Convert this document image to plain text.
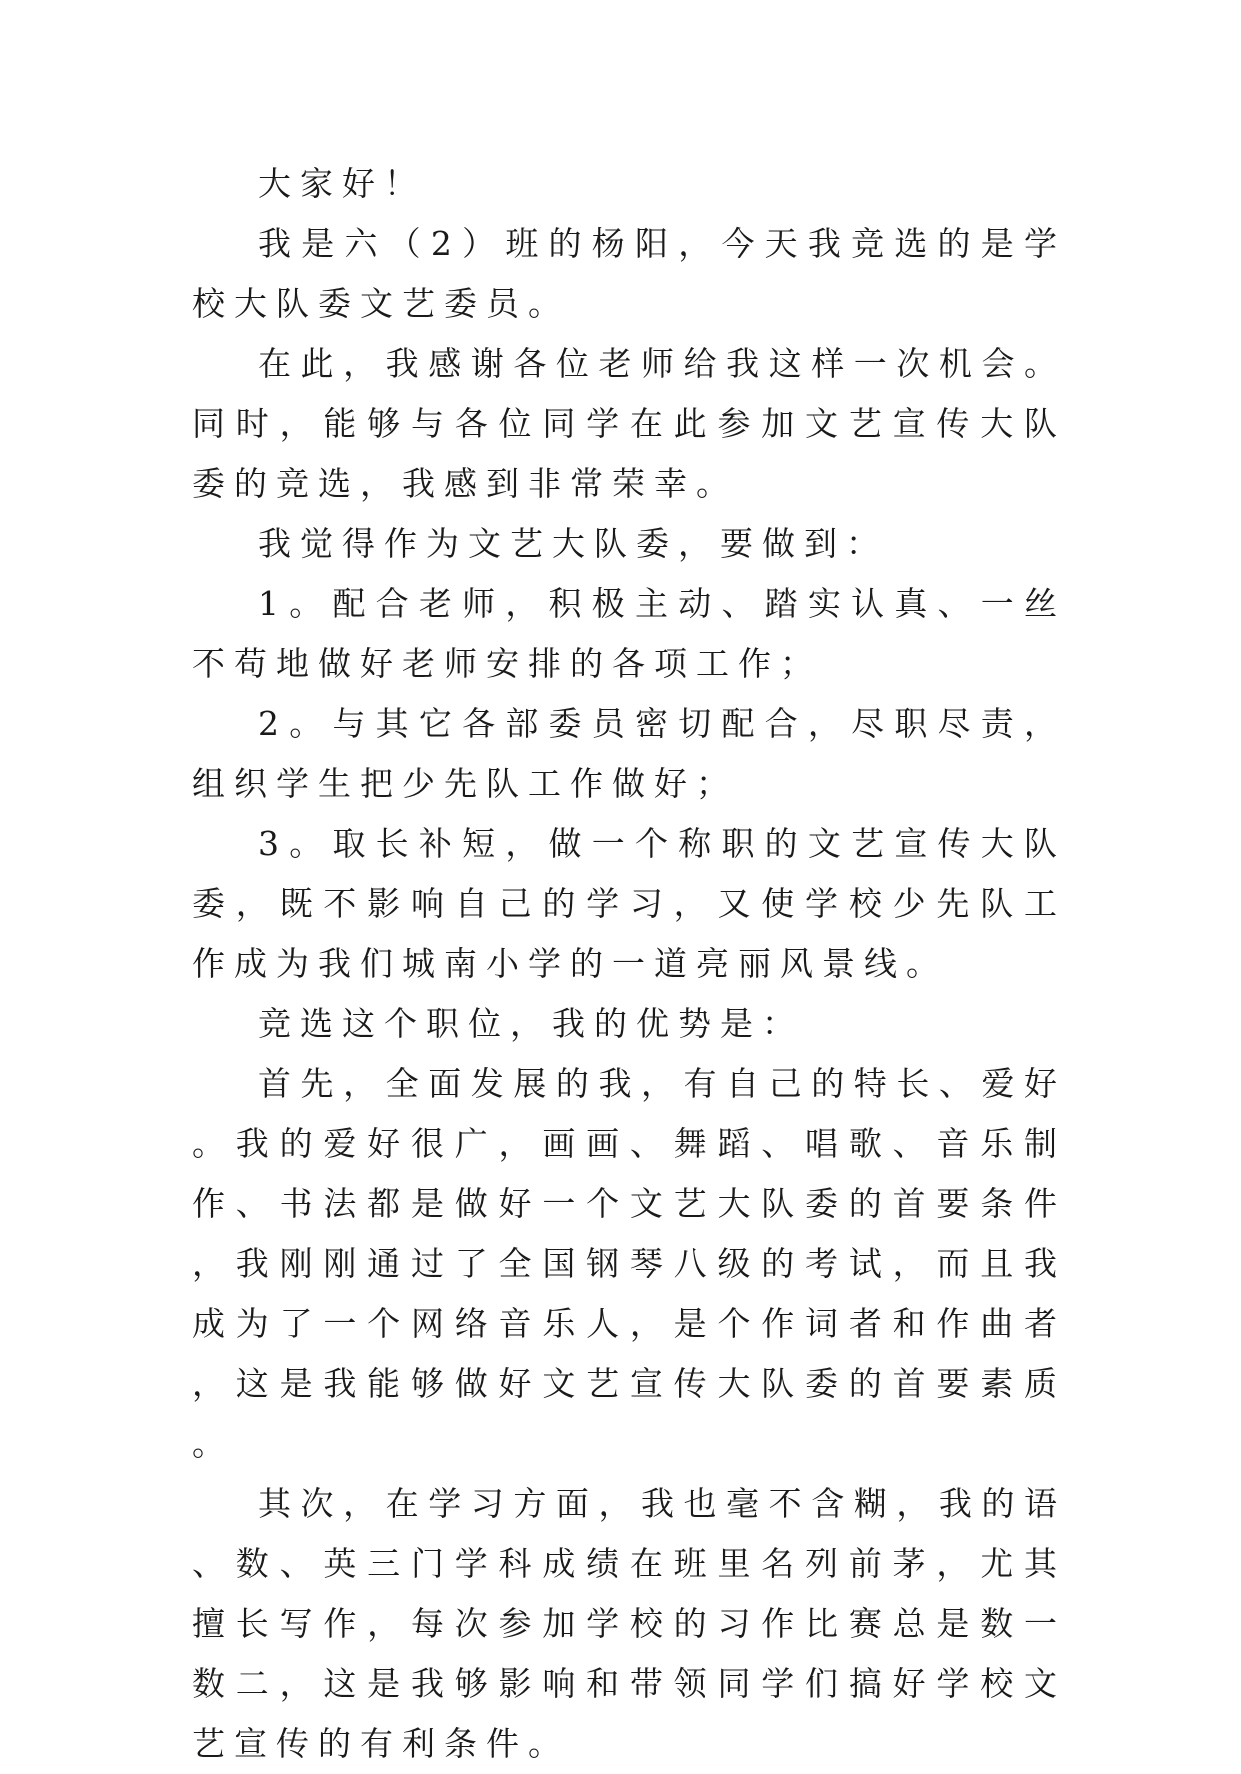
大家好！

我是六（2）班的杨阳，今天我竞选的是学校大队委文艺委员。

在此，我感谢各位老师给我这样一次机会。同时，能够与各位同学在此参加文艺宣传大队委的竞选，我感到非常荣幸。

我觉得作为文艺大队委，要做到：

1。配合老师，积极主动、踏实认真、一丝不苟地做好老师安排的各项工作；

2。与其它各部委员密切配合，尽职尽责，组织学生把少先队工作做好；

3。取长补短，做一个称职的文艺宣传大队委，既不影响自己的学习，又使学校少先队工作成为我们城南小学的一道亮丽风景线。

竞选这个职位，我的优势是：

首先，全面发展的我，有自己的特长、爱好。我的爱好很广，画画、舞蹈、唱歌、音乐制作、书法都是做好一个文艺大队委的首要条件，我刚刚通过了全国钢琴八级的考试，而且我成为了一个网络音乐人，是个作词者和作曲者，这是我能够做好文艺宣传大队委的首要素质。

其次，在学习方面，我也毫不含糊，我的语、数、英三门学科成绩在班里名列前茅，尤其擅长写作，每次参加学校的习作比赛总是数一数二，这是我够影响和带领同学们搞好学校文艺宣传的有利条件。
